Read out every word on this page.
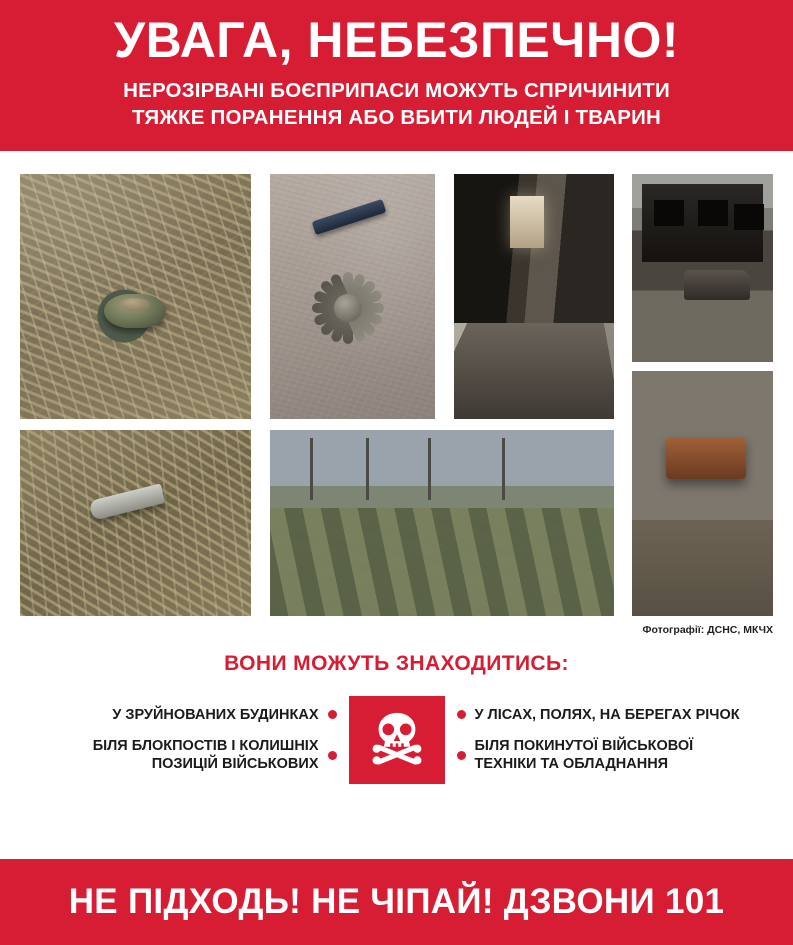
УВАГА, НЕБЕЗПЕЧНО!
НЕРОЗІРВАНІ БОЄПРИПАСИ МОЖУТЬ СПРИЧИНИТИ
ТЯЖКЕ ПОРАНЕННЯ АБО ВБИТИ ЛЮДЕЙ І ТВАРИН
Фотографії: ДСНС, МКЧХ
ВОНИ МОЖУТЬ ЗНАХОДИТИСЬ:
У ЗРУЙНОВАНИХ БУДИНКАХ
БІЛЯ БЛОКПОСТІВ І КОЛИШНІХ
ПОЗИЦІЙ ВІЙСЬКОВИХ
У ЛІСАХ, ПОЛЯХ, НА БЕРЕГАХ РІЧОК
БІЛЯ ПОКИНУТОЇ ВІЙСЬКОВОЇ
ТЕХНІКИ ТА ОБЛАДНАННЯ
НЕ ПІДХОДЬ! НЕ ЧІПАЙ! ДЗВОНИ 101
